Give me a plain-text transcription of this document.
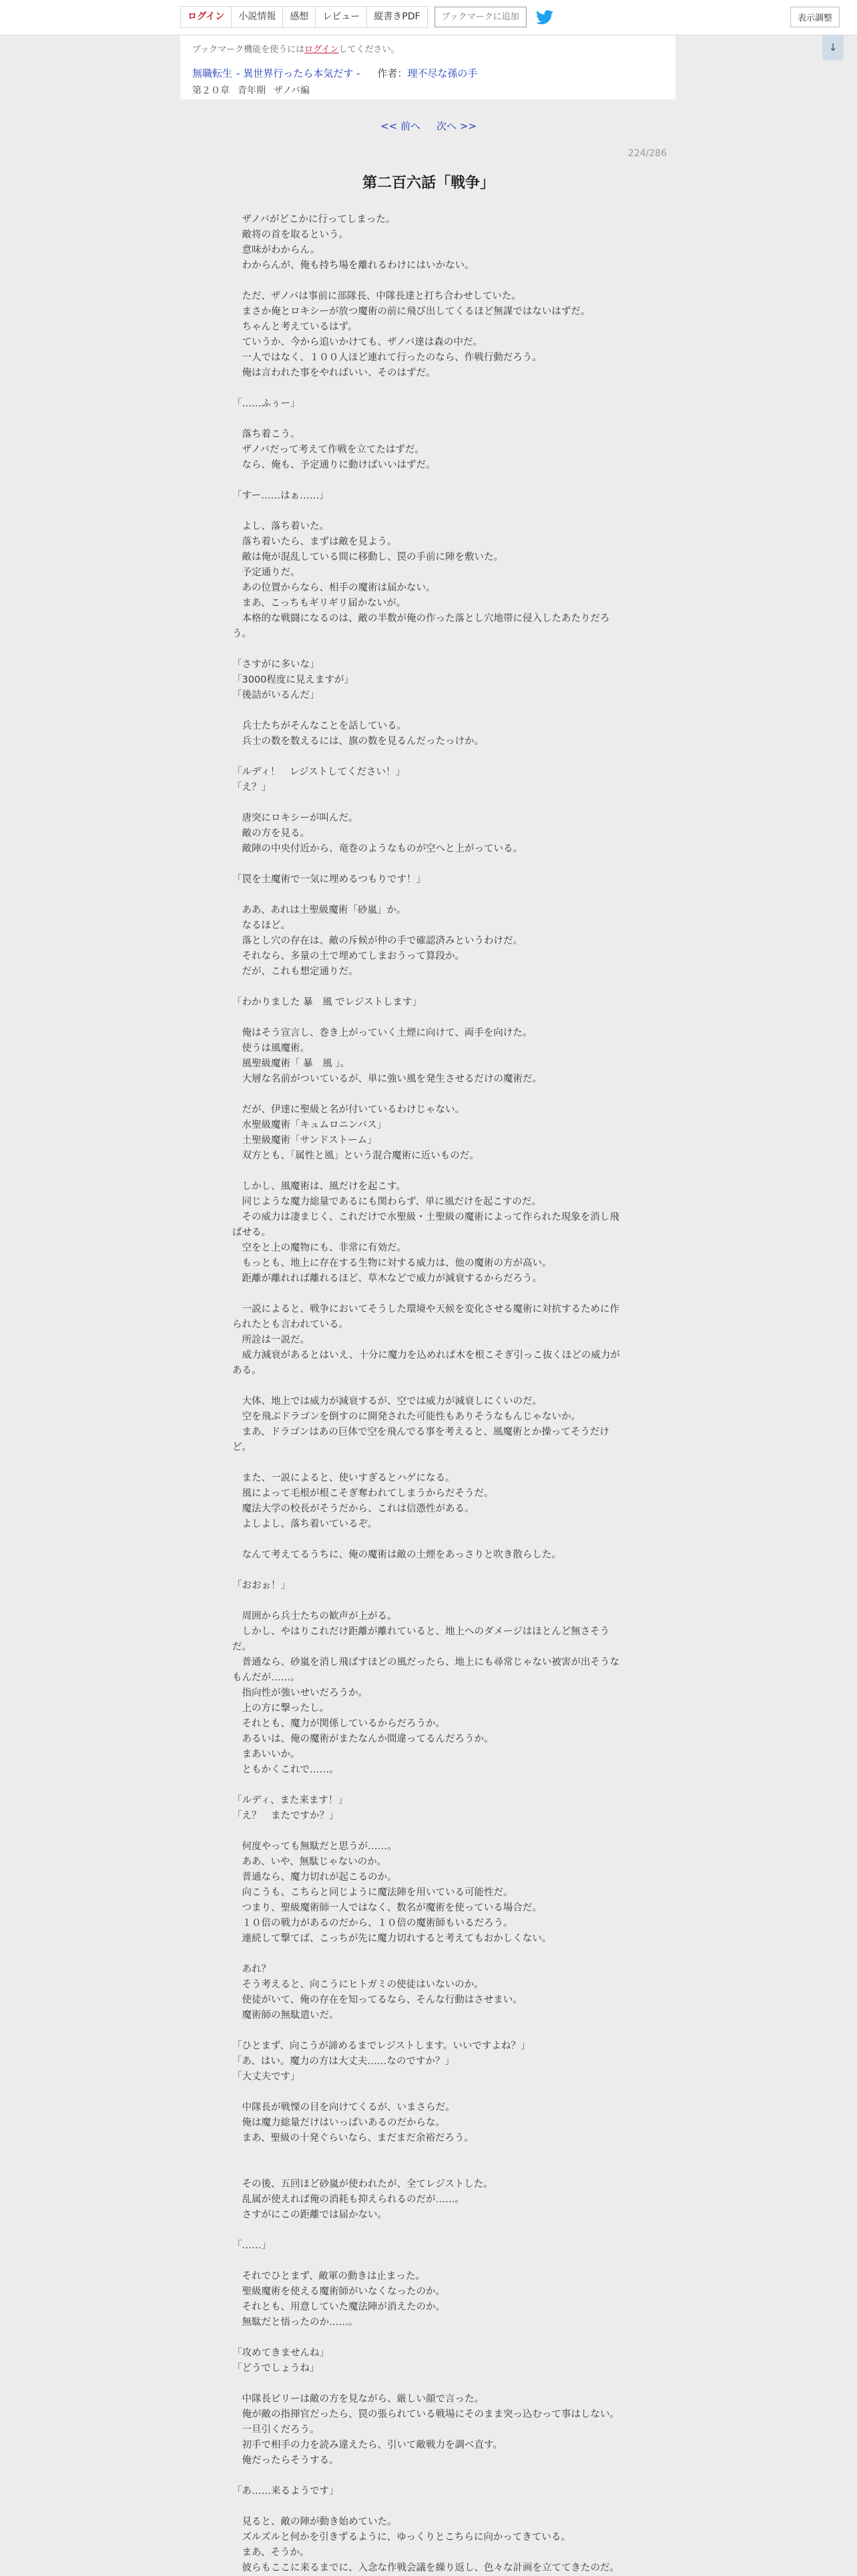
ログイン	小説情報	感想	レビュー	縦書きPDF	ブックマークに追加	表示調整
↓
ブックマーク機能を使うにはログインしてください。
無職転生 - 異世界行ったら本気だす - 作者：理不尽な孫の手
第２０章 青年期 ザノバ編
<< 前へ 次へ >>
224/286
第二百六話「戦争」
　ザノバがどこかに行ってしまった。
　敵将の首を取るという。
　意味がわからん。
　わからんが、俺も持ち場を離れるわけにはいかない。
　ただ、ザノバは事前に部隊長、中隊長達と打ち合わせしていた。
　まさか俺とロキシーが放つ魔術の前に飛び出してくるほど無謀ではないはずだ。
　ちゃんと考えているはず。
　ていうか、今から追いかけても、ザノバ達は森の中だ。
　一人ではなく、１００人ほど連れて行ったのなら、作戦行動だろう。
　俺は言われた事をやればいい、そのはずだ。
「……ふぅー」
　落ち着こう。
　ザノバだって考えて作戦を立てたはずだ。
　なら、俺も、予定通りに動けばいいはずだ。
「すー……はぁ……」
　よし、落ち着いた。
　落ち着いたら、まずは敵を見よう。
　敵は俺が混乱している間に移動し、罠の手前に陣を敷いた。
　予定通りだ。
　あの位置からなら、相手の魔術は届かない。
　まあ、こっちもギリギリ届かないが。
　本格的な戦闘になるのは、敵の半数が俺の作った落とし穴地帯に侵入したあたりだろう。
「さすがに多いな」
「3000程度に見えますが」
「後詰がいるんだ」
　兵士たちがそんなことを話している。
　兵士の数を数えるには、旗の数を見るんだったっけか。
「ルディ！　レジストしてください！」
「え？」
　唐突にロキシーが叫んだ。
　敵の方を見る。
　敵陣の中央付近から、竜巻のようなものが空へと上がっている。
「罠を土魔術で一気に埋めるつもりです！」
　ああ、あれは土聖級魔術「砂嵐」か。
　なるほど。
　落とし穴の存在は、敵の斥候が仲の手で確認済みというわけだ。
　それなら、多量の土で埋めてしまおうって算段か。
　だが、これも想定通りだ。
「わかりました 暴　風 でレジストします」
　俺はそう宣言し、巻き上がっていく土煙に向けて、両手を向けた。
　使うは風魔術。
　風聖級魔術「 暴　風 」。
　大層な名前がついているが、単に強い風を発生させるだけの魔術だ。
　だが、伊達に聖級と名が付いているわけじゃない。
　水聖級魔術「キュムロニンバス」
　土聖級魔術「サンドストーム」
　双方とも、「属性と風」という混合魔術に近いものだ。
　しかし、風魔術は、風だけを起こす。
　同じような魔力総量であるにも関わらず、単に風だけを起こすのだ。
　その威力は凄まじく、これだけで水聖級・土聖級の魔術によって作られた現象を消し飛ばせる。
　空をと上の魔物にも、非常に有効だ。
　もっとも、地上に存在する生物に対する威力は、他の魔術の方が高い。
　距離が離れれば離れるほど、草木などで威力が減衰するからだろう。
　一説によると、戦争においてそうした環境や天候を変化させる魔術に対抗するために作られたとも言われている。
　所詮は一説だ。
　威力減衰があるとはいえ、十分に魔力を込めれば木を根こそぎ引っこ抜くほどの威力がある。
　大体、地上では威力が減衰するが、空では威力が減衰しにくいのだ。
　空を飛ぶドラゴンを倒すのに開発された可能性もありそうなもんじゃないか。
　まあ、ドラゴンはあの巨体で空を飛んでる事を考えると、風魔術とか操ってそうだけど。
　また、一説によると、使いすぎるとハゲになる。
　風によって毛根が根こそぎ奪われてしまうからだそうだ。
　魔法大学の校長がそうだから、これは信憑性がある。
　よしよし、落ち着いているぞ。
　なんて考えてるうちに、俺の魔術は敵の土煙をあっさりと吹き散らした。
「おおぉ！」
　周囲から兵士たちの歓声が上がる。
　しかし、やはりこれだけ距離が離れていると、地上へのダメージはほとんど無さそうだ。
　普通なら、砂嵐を消し飛ばすほどの風だったら、地上にも尋常じゃない被害が出そうなもんだが……。
　指向性が強いせいだろうか。
　上の方に撃ったし。
　それとも、魔力が関係しているからだろうか。
　あるいは、俺の魔術がまたなんか間違ってるんだろうか。
　まあいいか。
　ともかくこれで……。
「ルディ、また来ます！」
「え？　またですか？」
　何度やっても無駄だと思うが……。
　ああ、いや、無駄じゃないのか。
　普通なら、魔力切れが起こるのか。
　向こうも、こちらと同じように魔法陣を用いている可能性だ。
　つまり、聖級魔術師一人ではなく、数名が魔術を使っている場合だ。
　１０倍の戦力があるのだから、１０倍の魔術師もいるだろう。
　連続して撃てば、こっちが先に魔力切れすると考えてもおかしくない。
　あれ？
　そう考えると、向こうにヒトガミの使徒はいないのか。
　使徒がいて、俺の存在を知ってるなら、そんな行動はさせまい。
　魔術師の無駄遣いだ。
「ひとまず、向こうが諦めるまでレジストします。いいですよね？」
「あ、はい。魔力の方は大丈夫……なのですか？」
「大丈夫です」
　中隊長が戦慄の目を向けてくるが、いまさらだ。
　俺は魔力総量だけはいっぱいあるのだからな。
　まあ、聖級の十発ぐらいなら、まだまだ余裕だろう。
　その後、五回ほど砂嵐が使われたが、全てレジストした。
　乱属が使えれば俺の消耗も抑えられるのだが……。
　さすがにこの距離では届かない。
「……」
　それでひとまず、敵軍の動きは止まった。
　聖級魔術を使える魔術師がいなくなったのか。
　それとも、用意していた魔法陣が消えたのか。
　無駄だと悟ったのか……。
「攻めてきませんね」
「どうでしょうね」
　中隊長ビリーは敵の方を見ながら、厳しい顔で言った。
　俺が敵の指揮官だったら、罠の張られている戦場にそのまま突っ込むって事はしない。
　一旦引くだろう。
　初手で相手の力を読み違えたら、引いて敵戦力を調べ直す。
　俺だったらそうする。
「あ……来るようです」
　見ると、敵の陣が動き始めていた。
　ズルズルと何かを引きずるように、ゆっくりとこちらに向かってきている。
　まあ、そうか。
　彼らもここに来るまでに、入念な作戦会議を繰り返し、色々な計画を立ててきたのだ。
